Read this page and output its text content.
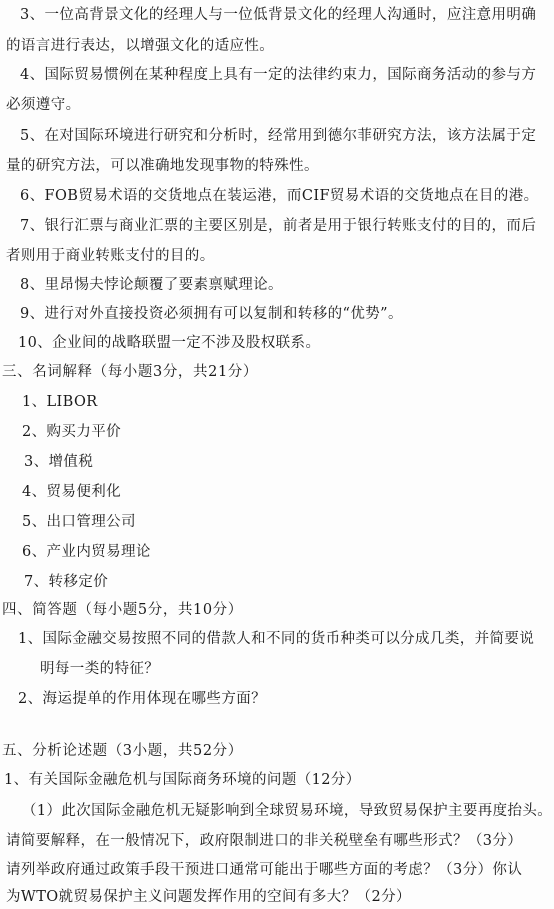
3、一位高背景文化的经理人与一位低背景文化的经理人沟通时，应注意用明确
的语言进行表达，以增强文化的适应性。
4、国际贸易惯例在某种程度上具有一定的法律约束力，国际商务活动的参与方
必须遵守。
5、在对国际环境进行研究和分析时，经常用到德尔菲研究方法，该方法属于定
量的研究方法，可以准确地发现事物的特殊性。
6、FOB贸易术语的交货地点在装运港，而CIF贸易术语的交货地点在目的港。
7、银行汇票与商业汇票的主要区别是，前者是用于银行转账支付的目的，而后
者则用于商业转账支付的目的。
8、里昂惕夫悖论颠覆了要素禀赋理论。
9、进行对外直接投资必须拥有可以复制和转移的“优势”。
10、企业间的战略联盟一定不涉及股权联系。
三、名词解释（每小题3分，共21分）
1、LIBOR
2、购买力平价
3、增值税
4、贸易便利化
5、出口管理公司
6、产业内贸易理论
7、转移定价
四、简答题（每小题5分，共10分）
1、国际金融交易按照不同的借款人和不同的货币种类可以分成几类，并简要说
明每一类的特征？
2、海运提单的作用体现在哪些方面？
五、分析论述题（3小题，共52分）
1、有关国际金融危机与国际商务环境的问题（12分）
（1）此次国际金融危机无疑影响到全球贸易环境，导致贸易保护主要再度抬头。
请简要解释，在一般情况下，政府限制进口的非关税壁垒有哪些形式？（3分）
请列举政府通过政策手段干预进口通常可能出于哪些方面的考虑？（3分）你认
为WTO就贸易保护主义问题发挥作用的空间有多大？（2分）
